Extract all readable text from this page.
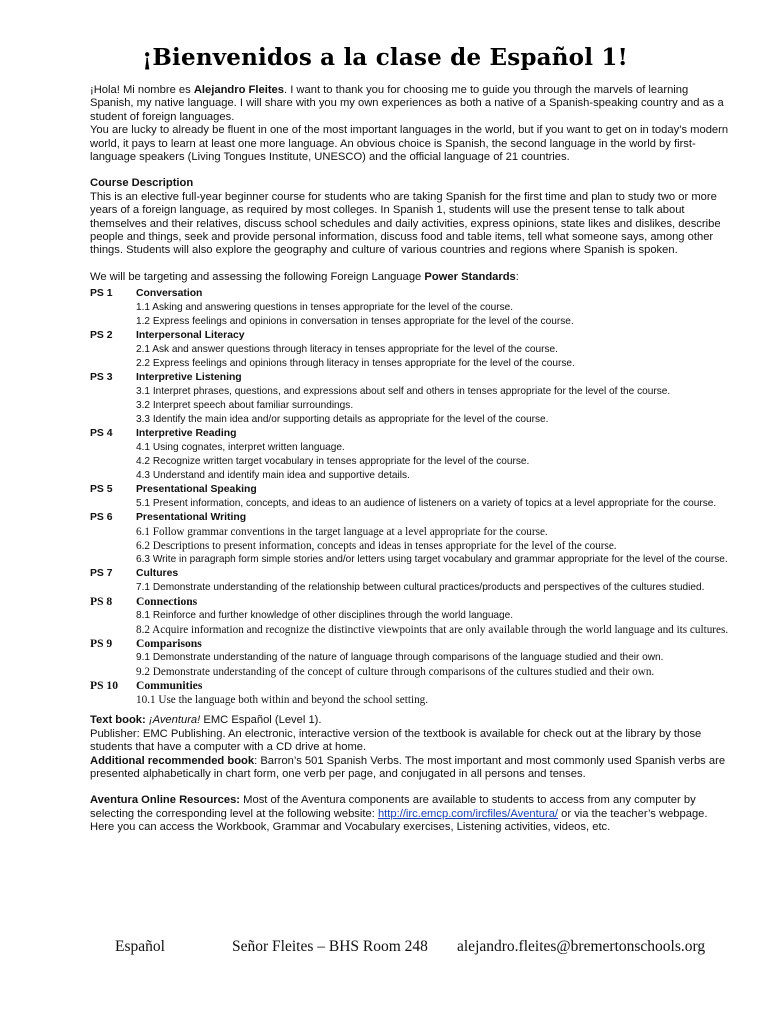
¡Bienvenidos a la clase de Español 1!

¡Hola! Mi nombre es Alejandro Fleites. I want to thank you for choosing me to guide you through the marvels of learning Spanish, my native language. I will share with you my own experiences as both a native of a Spanish-speaking country and as a student of foreign languages.

You are lucky to already be fluent in one of the most important languages in the world, but if you want to get on in today’s modern world, it pays to learn at least one more language. An obvious choice is Spanish, the second language in the world by first-language speakers (Living Tongues Institute, UNESCO) and the official language of 21 countries.

Course Description

This is an elective full-year beginner course for students who are taking Spanish for the first time and plan to study two or more years of a foreign language, as required by most colleges. In Spanish 1, students will use the present tense to talk about themselves and their relatives, discuss school schedules and daily activities, express opinions, state likes and dislikes, describe people and things, seek and provide personal information, discuss food and table items, tell what someone says, among other things. Students will also explore the geography and culture of various countries and regions where Spanish is spoken.

We will be targeting and assessing the following Foreign Language Power Standards:

PS 1	Conversation
1.1 Asking and answering questions in tenses appropriate for the level of the course.
1.2 Express feelings and opinions in conversation in tenses appropriate for the level of the course.
PS 2	Interpersonal Literacy
2.1 Ask and answer questions through literacy in tenses appropriate for the level of the course.
2.2 Express feelings and opinions through literacy in tenses appropriate for the level of the course.
PS 3	Interpretive Listening
3.1 Interpret phrases, questions, and expressions about self and others in tenses appropriate for the level of the course.
3.2 Interpret speech about familiar surroundings.
3.3 Identify the main idea and/or supporting details as appropriate for the level of the course.
PS 4	Interpretive Reading
4.1 Using cognates, interpret written language.
4.2 Recognize written target vocabulary in tenses appropriate for the level of the course.
4.3 Understand and identify main idea and supportive details.
PS 5	Presentational Speaking
5.1 Present information, concepts, and ideas to an audience of listeners on a variety of topics at a level appropriate for the course.
PS 6	Presentational Writing
6.1 Follow grammar conventions in the target language at a level appropriate for the course.
6.2 Descriptions to present information, concepts and ideas in tenses appropriate for the level of the course.
6.3 Write in paragraph form simple stories and/or letters using target vocabulary and grammar appropriate for the level of the course.
PS 7	Cultures
7.1 Demonstrate understanding of the relationship between cultural practices/products and perspectives of the cultures studied.
PS 8	Connections
8.1 Reinforce and further knowledge of other disciplines through the world language.
8.2 Acquire information and recognize the distinctive viewpoints that are only available through the world language and its cultures.
PS 9	Comparisons
9.1 Demonstrate understanding of the nature of language through comparisons of the language studied and their own.
9.2 Demonstrate understanding of the concept of culture through comparisons of the cultures studied and their own.
PS 10	Communities
10.1 Use the language both within and beyond the school setting.

Text book: ¡Aventura! EMC Español (Level 1).

Publisher: EMC Publishing. An electronic, interactive version of the textbook is available for check out at the library by those students that have a computer with a CD drive at home.

Additional recommended book: Barron’s 501 Spanish Verbs. The most important and most commonly used Spanish verbs are presented alphabetically in chart form, one verb per page, and conjugated in all persons and tenses.

Aventura Online Resources: Most of the Aventura components are available to students to access from any computer by selecting the corresponding level at the following website: http://irc.emcp.com/ircfiles/Aventura/ or via the teacher’s webpage. Here you can access the Workbook, Grammar and Vocabulary exercises, Listening activities, videos, etc.

Español	Señor Fleites – BHS Room 248 alejandro.fleites@bremertonschools.org
